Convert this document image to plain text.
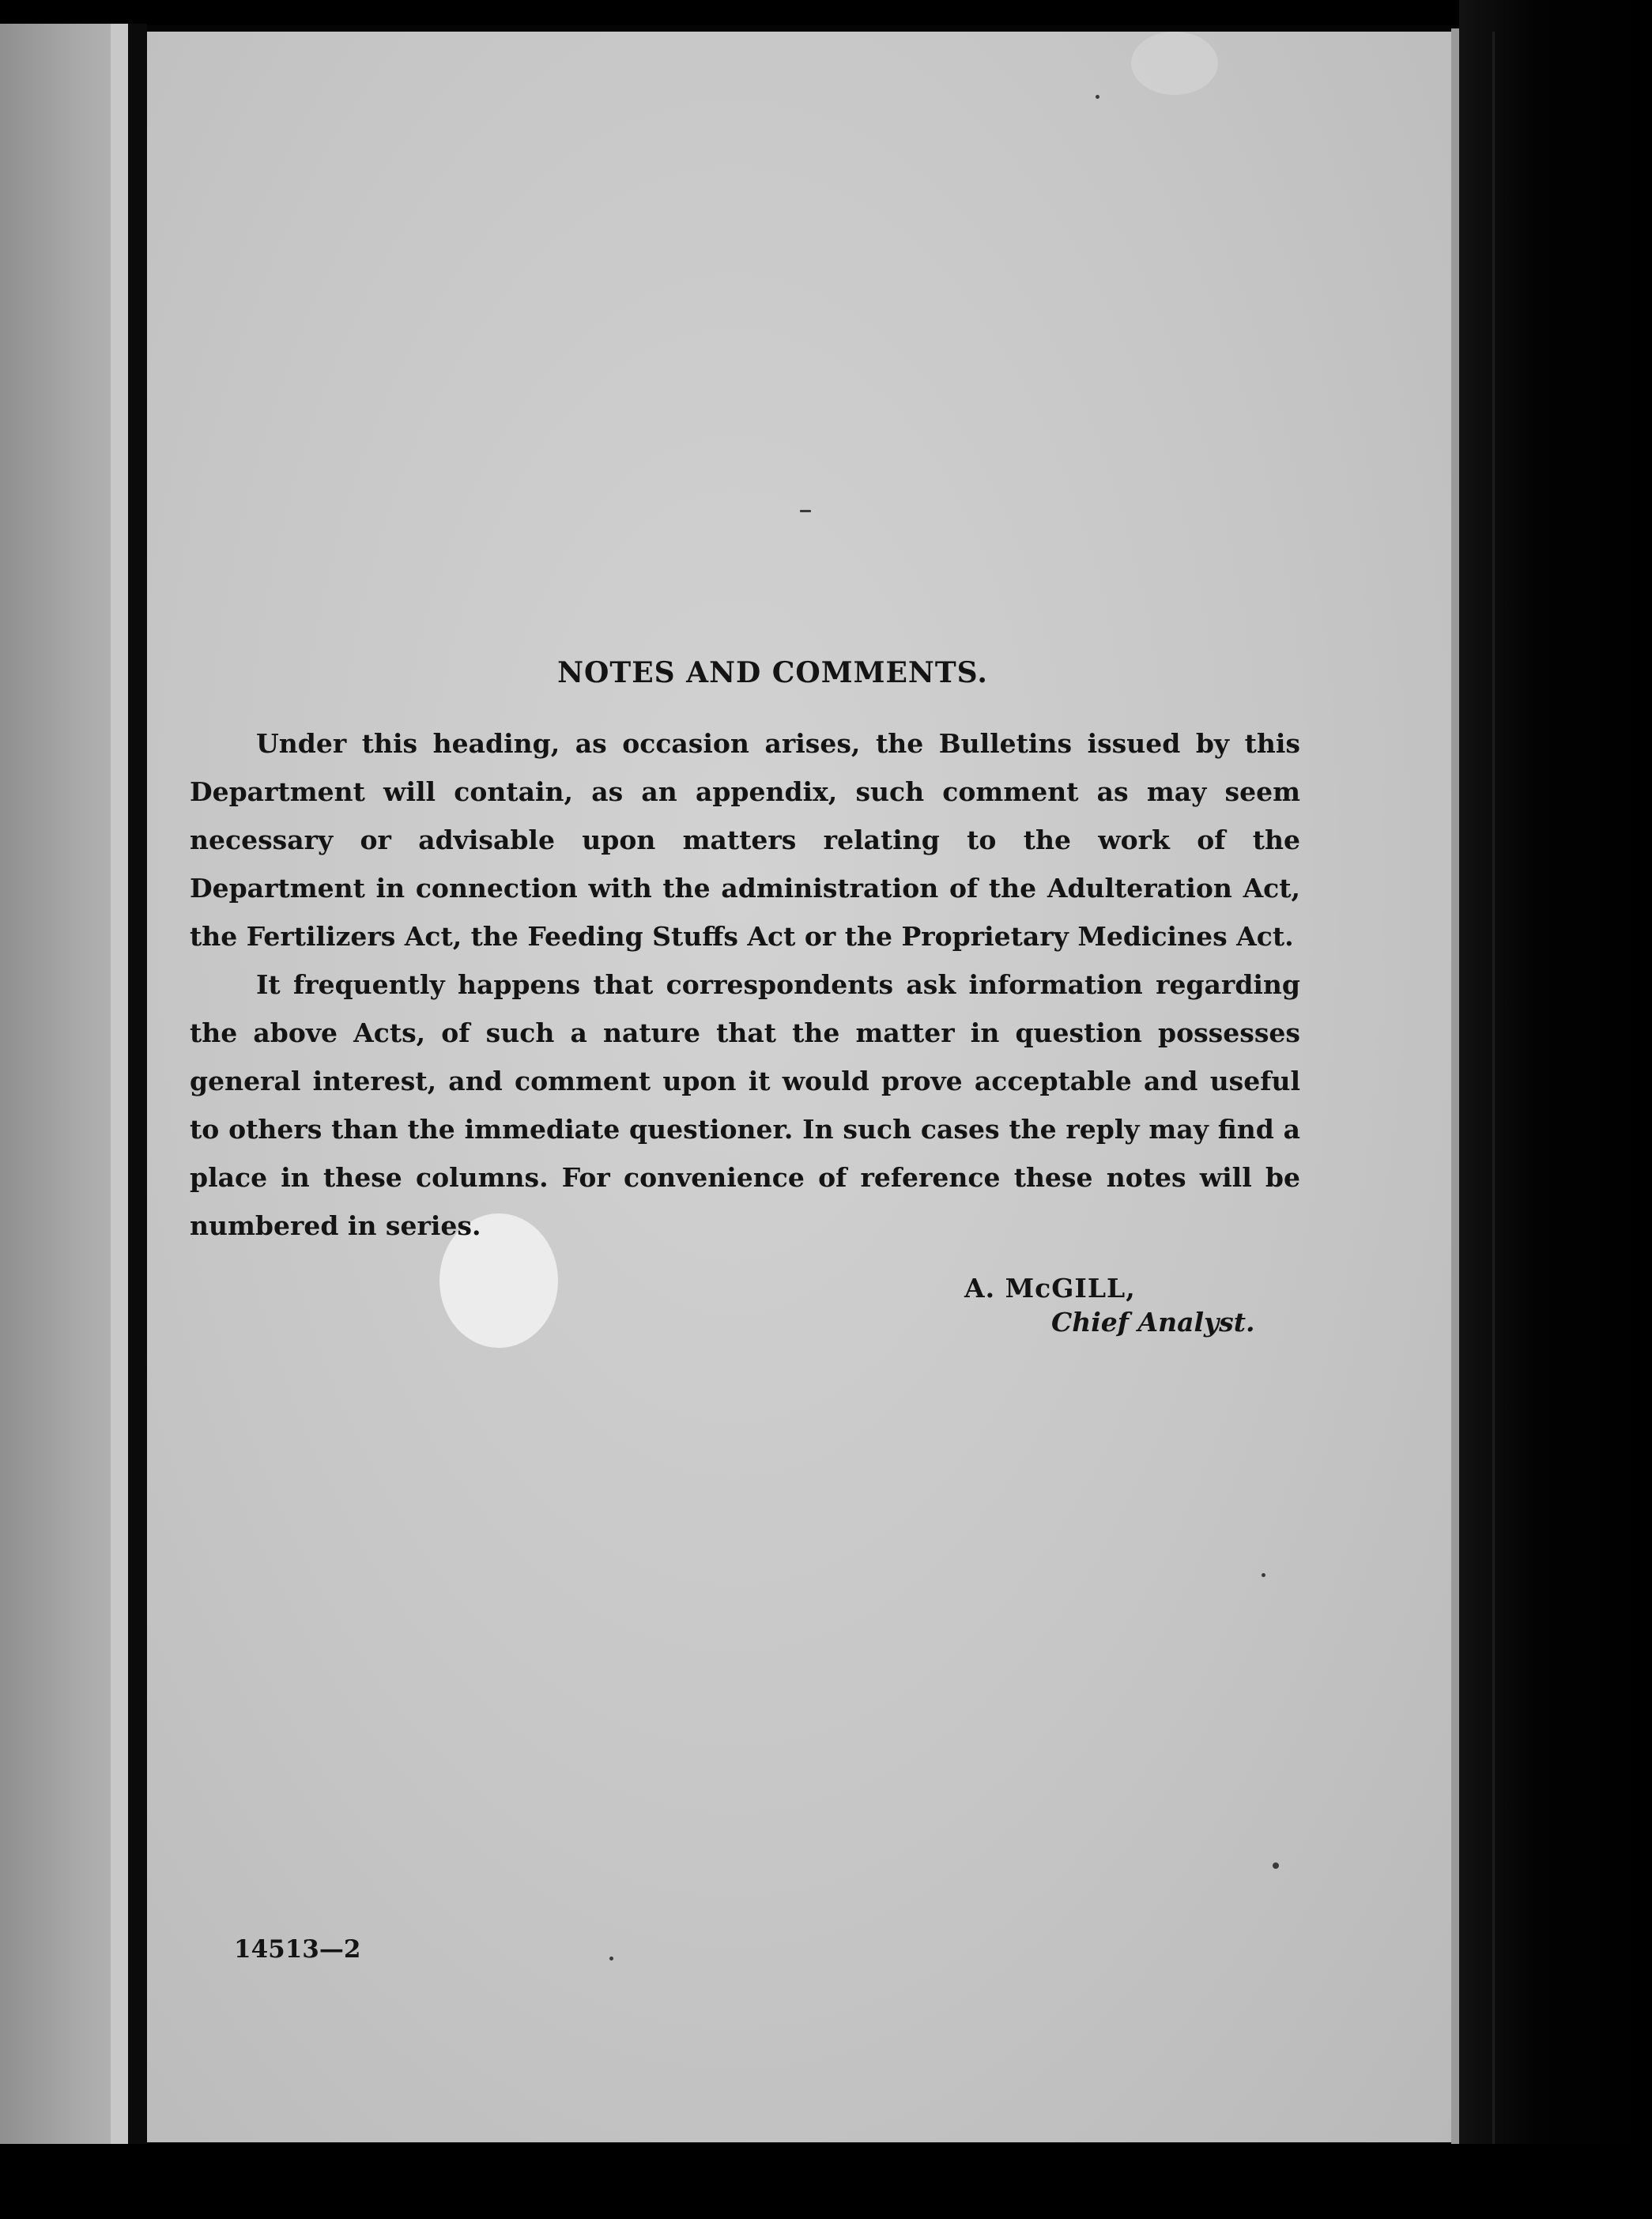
NOTES AND COMMENTS.

Under this heading, as occasion arises, the Bulletins issued by this Department will contain, as an appendix, such comment as may seem necessary or advisable upon matters relating to the work of the Department in connection with the administration of the Adulteration Act, the Fertilizers Act, the Feeding Stuffs Act or the Proprietary Medicines Act.

It frequently happens that correspondents ask information regarding the above Acts, of such a nature that the matter in question possesses general interest, and comment upon it would prove acceptable and useful to others than the immediate questioner. In such cases the reply may find a place in these columns. For convenience of reference these notes will be numbered in series.

A. McGILL,
Chief Analyst.
14513—2
